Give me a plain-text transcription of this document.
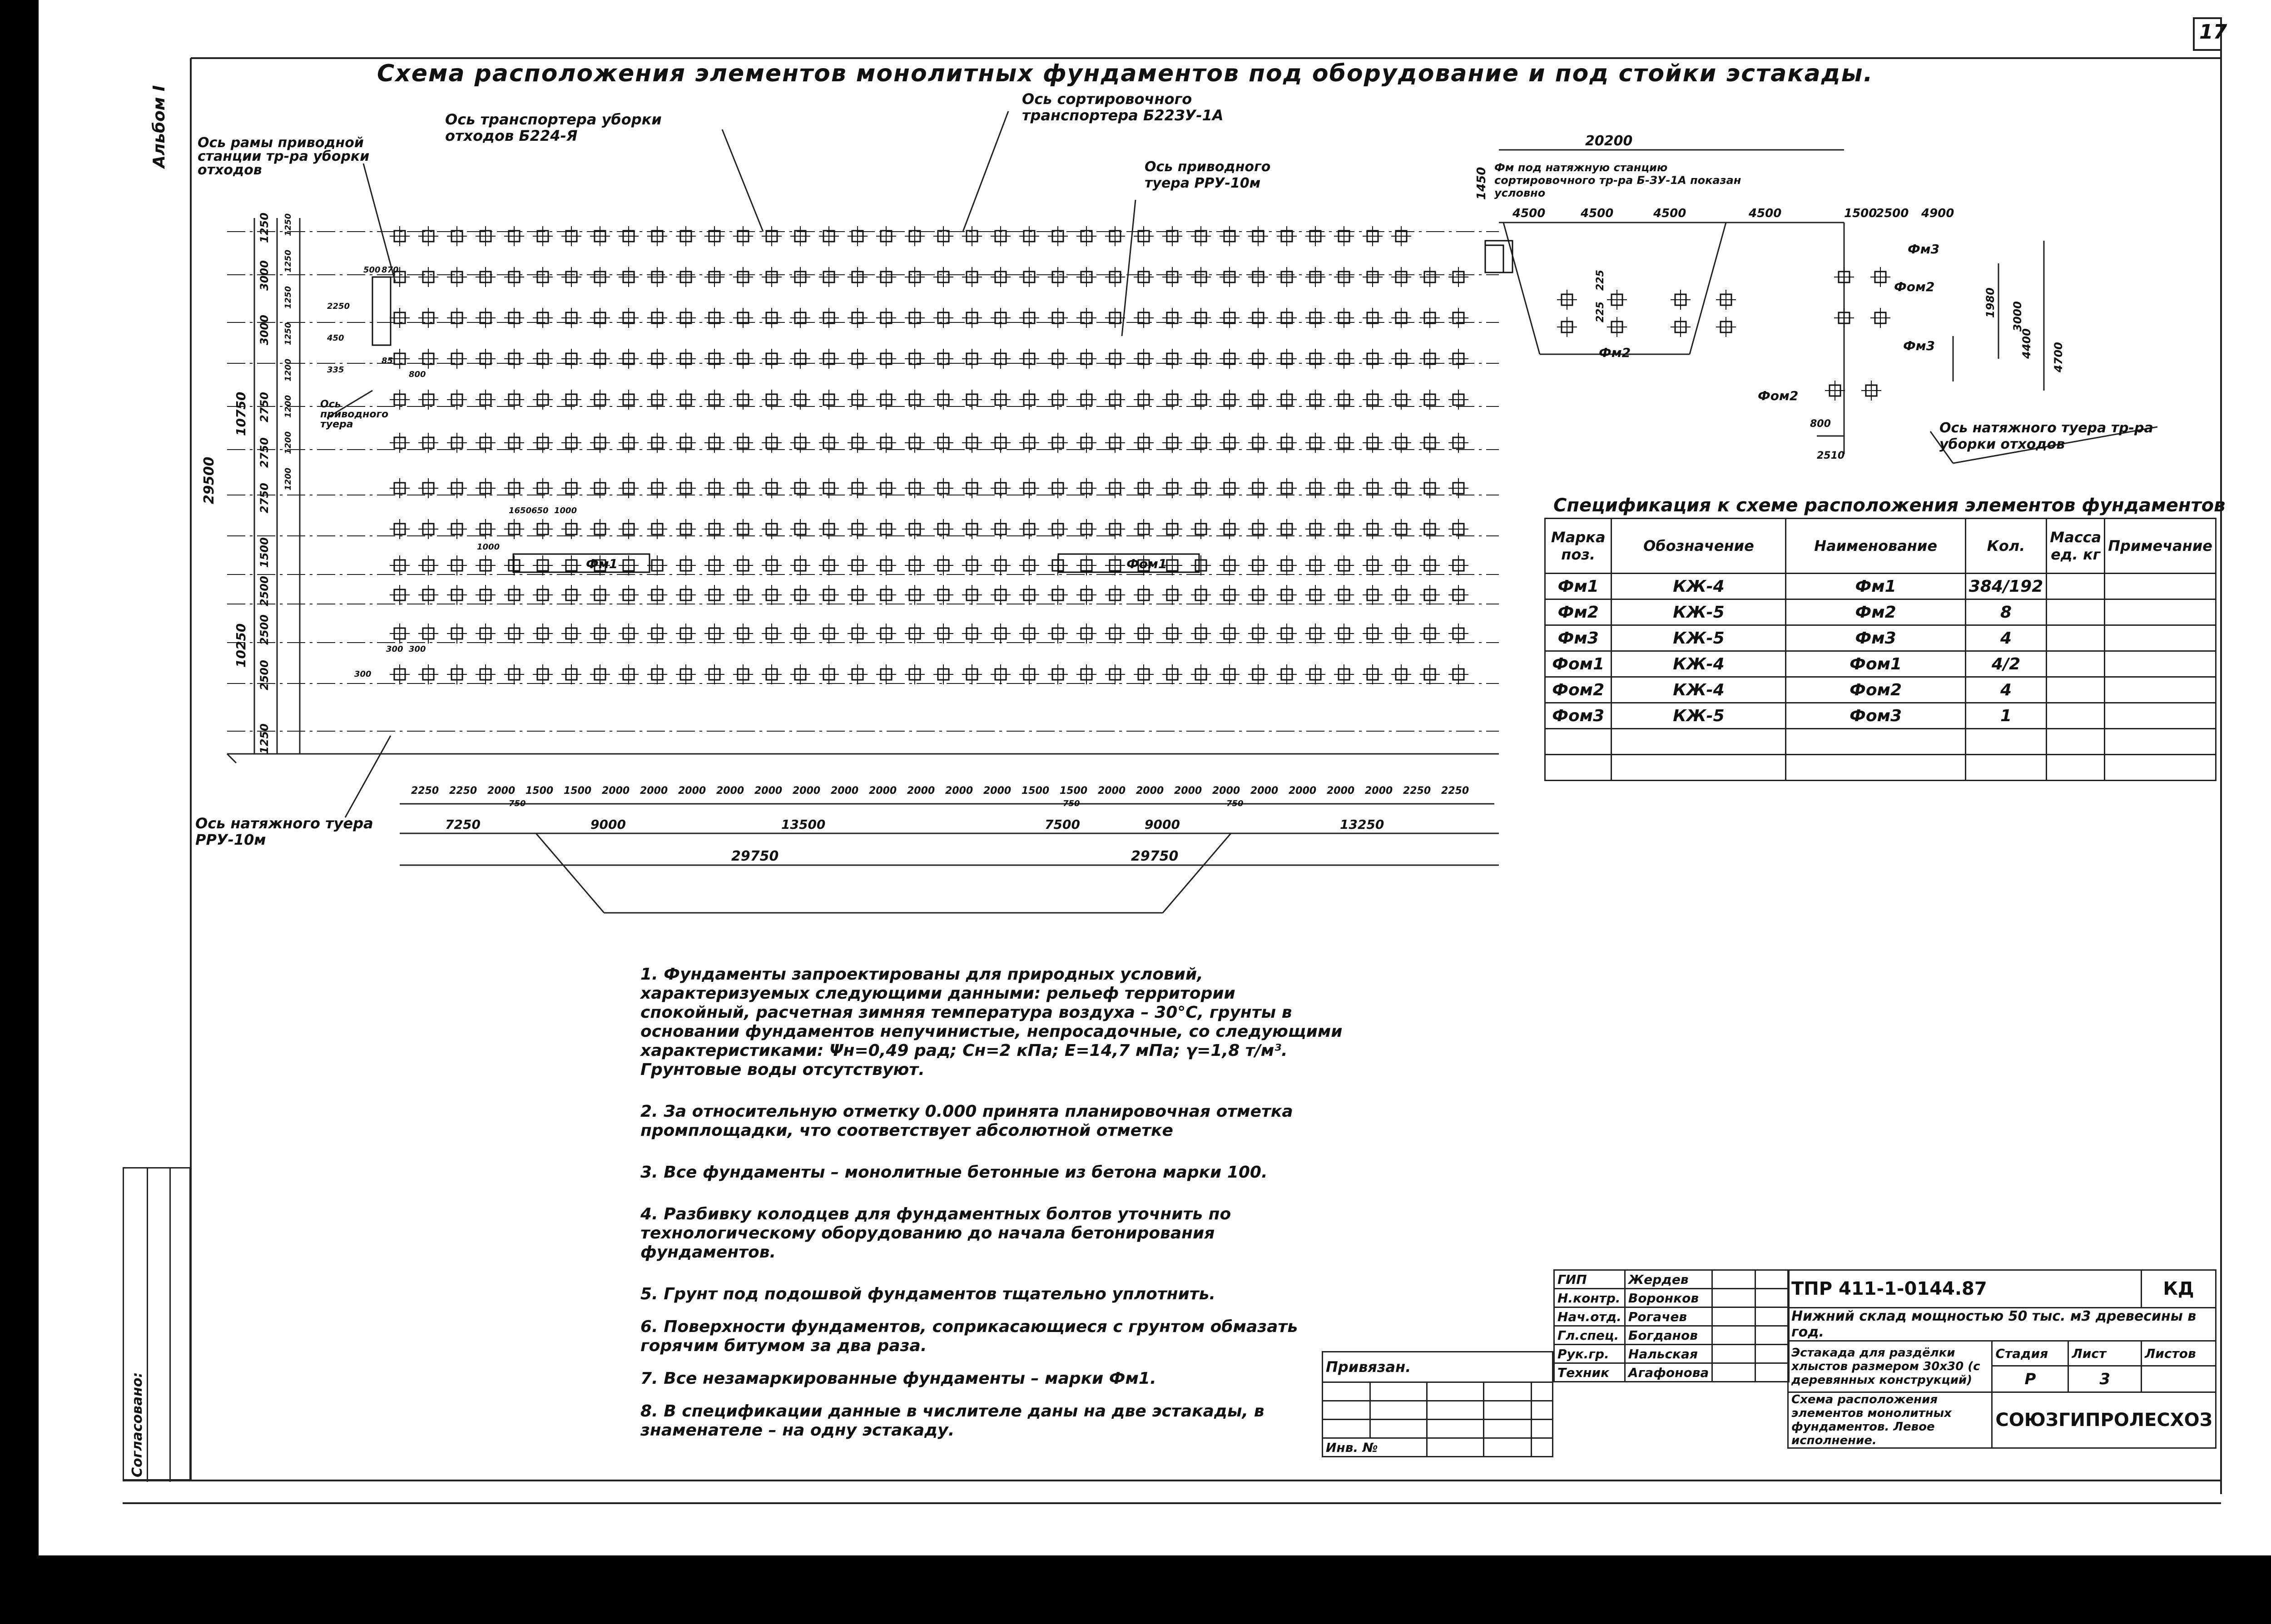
20200
1450
4500	4500	4500	4500	1500
2500 4900
1980 3000
4400 4700
225
225
800
2510
29500
10750
10250
1250
3000
3000
2750
2750
2750
1500
2500
2500
2500
1250
1250
1250
1250
1250
1200
1200
1200
1200
500 870
2250
450
85
335	800
1650 650 1000
1000
300 300
300
750	750	750
2250 2250 2000 1500 1500 2000 2000 2000 2000 2000 2000 2000 2000 2000 2000 2000 1500 1500 2000 2000 2000 2000 2000 2000 2000 2000 2250 2250
7250	9000	13500	7500	9000	13250
29750	29750
17
Альбом I
Схема расположения элементов монолитных фундаментов под оборудование и под стойки эстакады.
Ось рамы приводной станции тр-ра уборки отходов
Ось транспортера уборки отходов Б224-Я
Ось сортировочного транспортера Б22ЗУ-1А
Ось приводного туера РРУ-10м
Ось приводного туера
Ось натяжного туера РРУ-10м
Ось натяжного туера тр-ра уборки отходов
Фм под натяжную станцию сортировочного тр-ра Б-ЗУ-1А показан условно
Фм1	Фом1
Фм3
Фом2
Фм3
Фом2
Фм2
Спецификация к схеме расположения элементов фундаментов
Марка поз.	Обозначение	Наименование	Кол.	Масса ед. кг	Примечание
Фм1	КЖ-4	Фм1	384/192		
Фм2	КЖ-5	Фм2	8		
Фм3	КЖ-5	Фм3	4		
Фом1	КЖ-4	Фом1	4/2		
Фом2	КЖ-4	Фом2	4		
Фом3	КЖ-5	Фом3	1		

1. Фундаменты запроектированы для природных условий, характеризуемых следующими данными: рельеф территории спокойный, расчетная зимняя температура воздуха – 30°С, грунты в основании фундаментов непучинистые, непросадочные, со следующими характеристиками: Ψн=0,49 рад; Сн=2 кПа; Е=14,7 мПа; γ=1,8 т/м³. Грунтовые воды отсутствуют.
2. За относительную отметку 0.000 принята планировочная отметка промплощадки, что соответствует абсолютной отметке
3. Все фундаменты – монолитные бетонные из бетона марки 100.
4. Разбивку колодцев для фундаментных болтов уточнить по технологическому оборудованию до начала бетонирования фундаментов.
5. Грунт под подошвой фундаментов тщательно уплотнить.
6. Поверхности фундаментов, соприкасающиеся с грунтом обмазать горячим битумом за два раза.
7. Все незамаркированные фундаменты – марки Фм1.
8. В спецификации данные в числителе даны на две эстакады, в знаменателе – на одну эстакаду.
Привязан.				

Инв. №				
ГИП	Жердев		
Н.контр.	Воронков		
Нач.отд.	Рогачев		
Гл.спец.	Богданов		
Рук.гр.	Нальская		
Техник	Агафонова		
ТПР 411-1-0144.87			КД
Нижний склад мощностью 50 тыс. м3 древесины в год.			
Эстакада для раздёлки хлыстов размером 30х30 (с деревянных конструкций)	Стадия	Лист	Листов
	Р	3	
Схема расположения элементов монолитных фундаментов. Левое исполнение.	СОЮЗГИПРОЛЕСХОЗ		
Согласовано:
